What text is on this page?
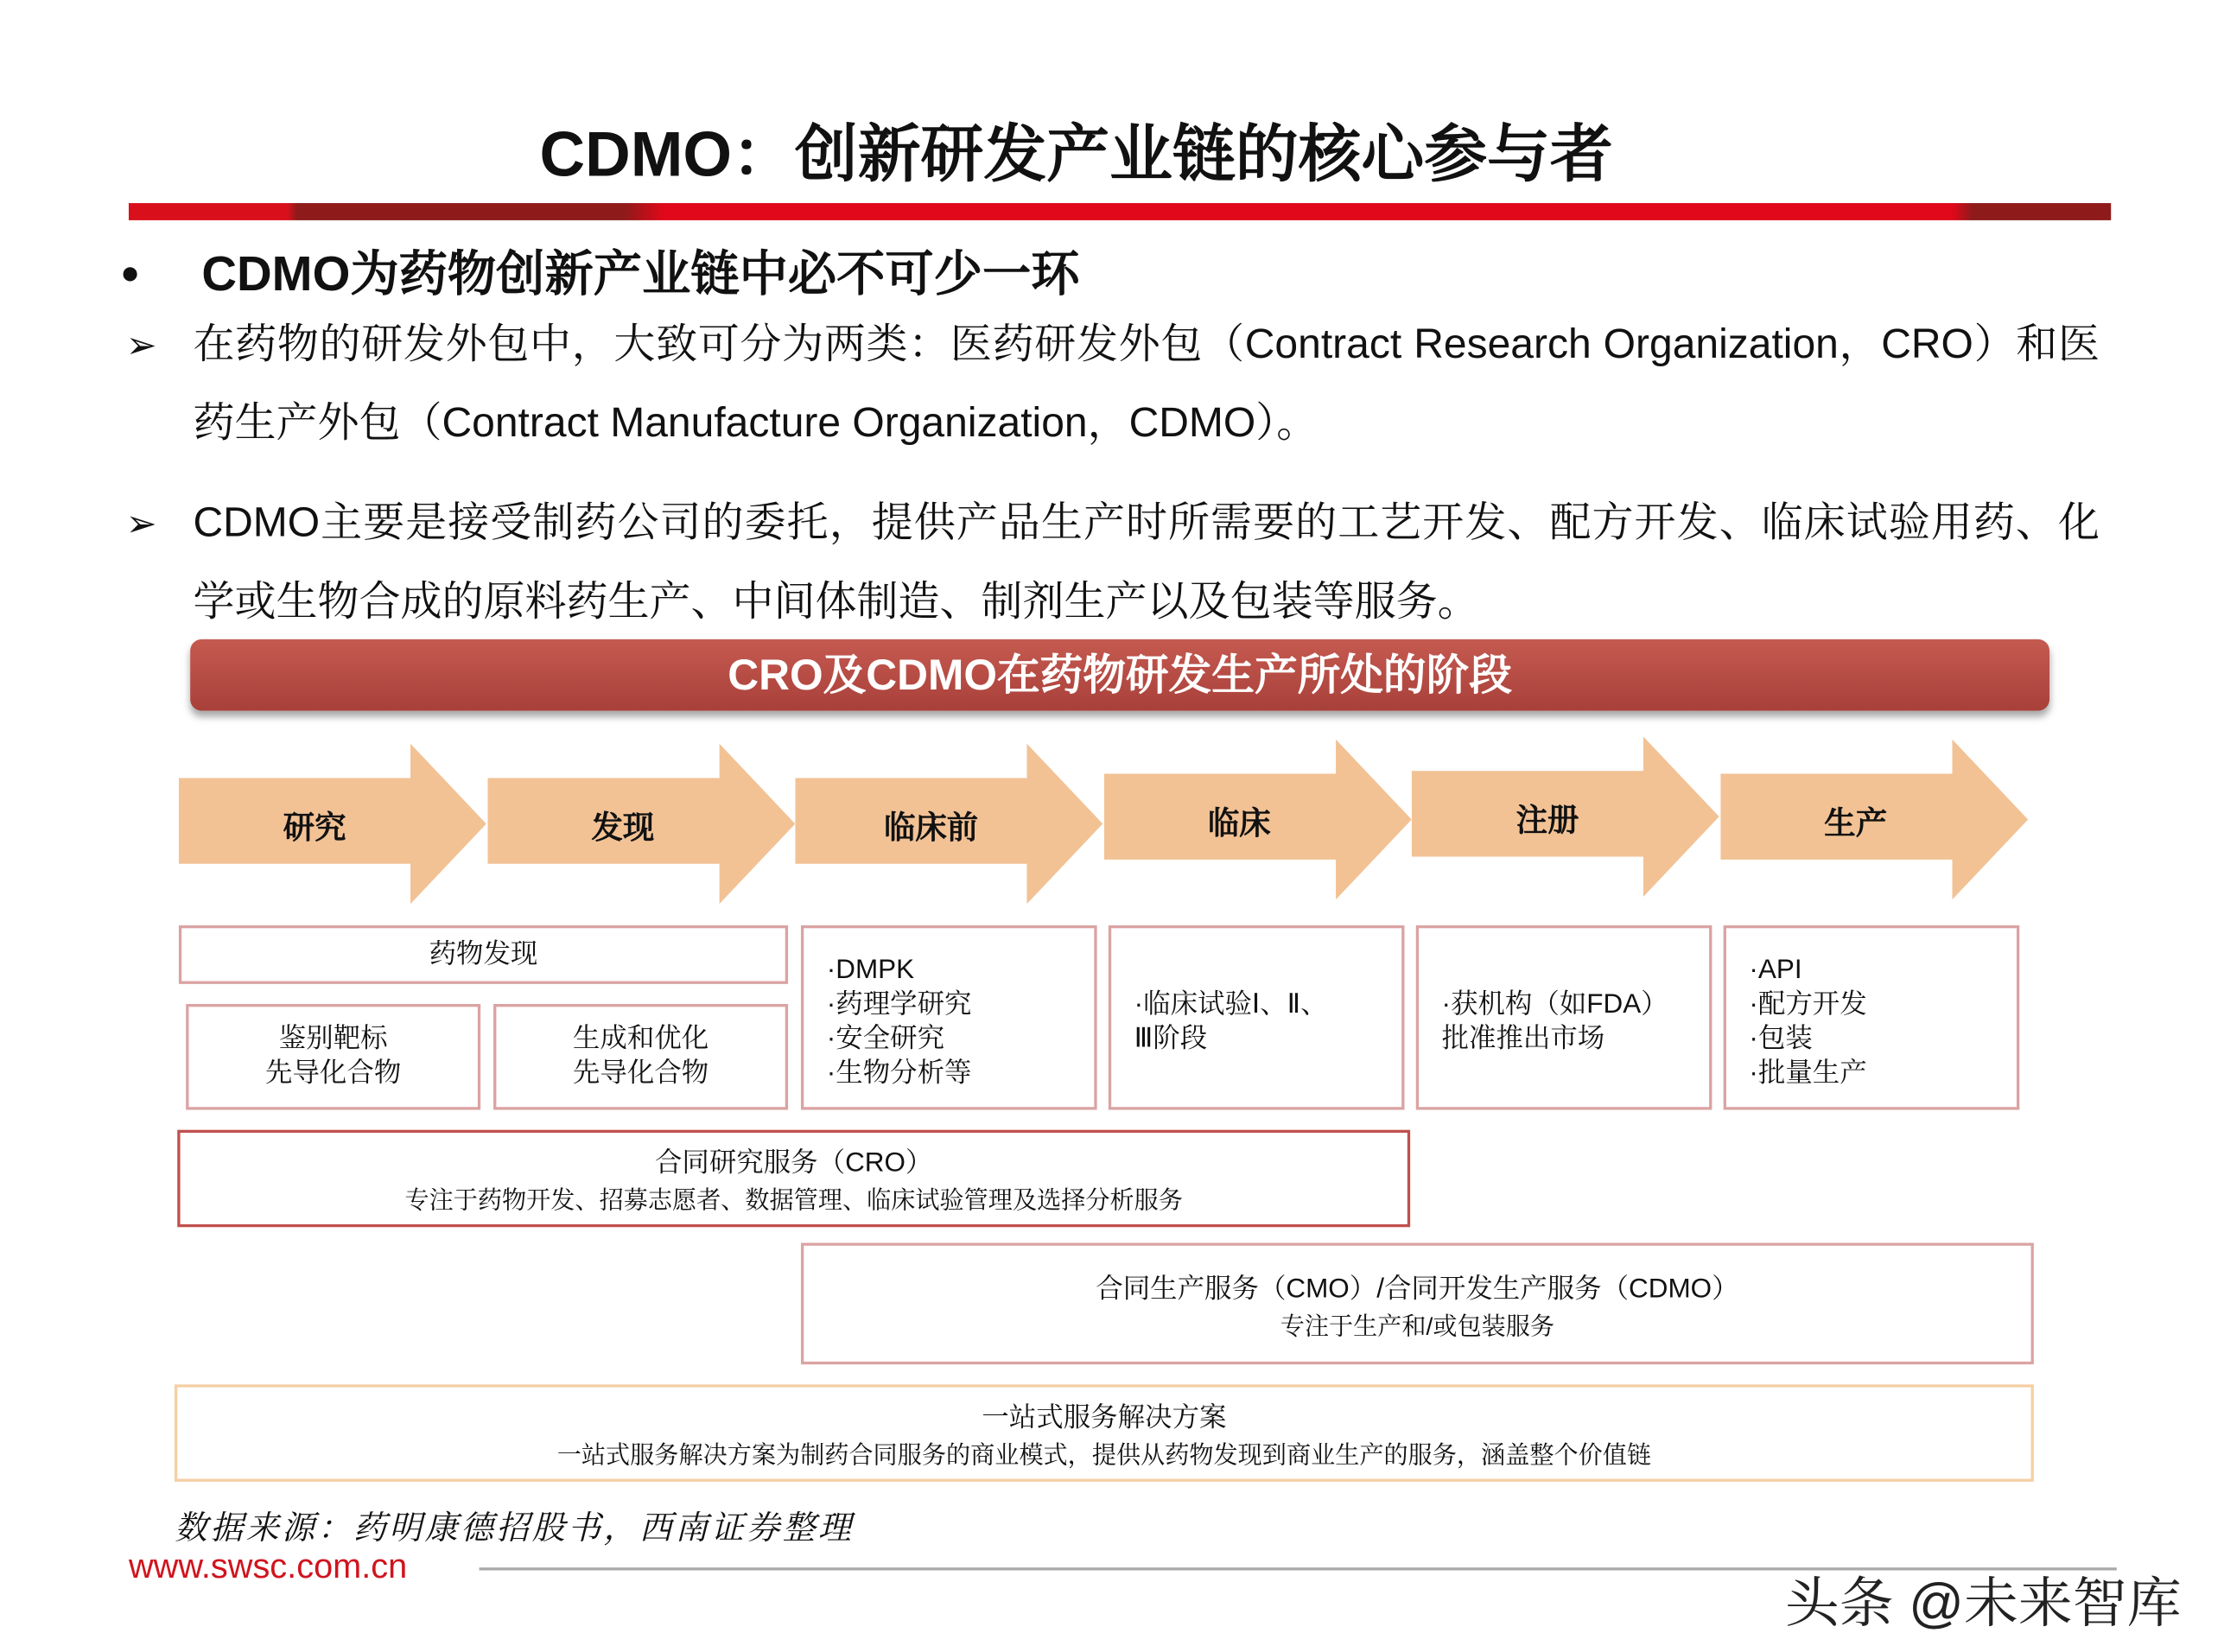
CDMO：创新研发产业链的核心参与者
• CDMO为药物创新产业链中必不可少一环
➢ 在药物的研发外包中，大致可分为两类：医药研发外包（Contract Research Organization，CRO）和医药生产外包（Contract Manufacture Organization，CDMO）。
➢ CDMO主要是接受制药公司的委托，提供产品生产时所需要的工艺开发、配方开发、临床试验用药、化学或生物合成的原料药生产、中间体制造、制剂生产以及包装等服务。
CRO及CDMO在药物研发生产所处的阶段
研究	发现	临床前	临床	注册	生产
药物发现
鉴别靶标
先导化合物
生成和优化
先导化合物
·DMPK
·药理学研究
·安全研究
·生物分析等
·临床试验Ⅰ、Ⅱ、
Ⅲ阶段
·获机构（如FDA）
批准推出市场
·API
·配方开发
·包装
·批量生产
合同研究服务（CRO）
专注于药物开发、招募志愿者、数据管理、临床试验管理及选择分析服务
合同生产服务（CMO）/合同开发生产服务（CDMO）
专注于生产和/或包装服务
一站式服务解决方案
一站式服务解决方案为制药合同服务的商业模式，提供从药物发现到商业生产的服务，涵盖整个价值链
数据来源：药明康德招股书，西南证券整理
www.swsc.com.cn
头条 @未来智库
